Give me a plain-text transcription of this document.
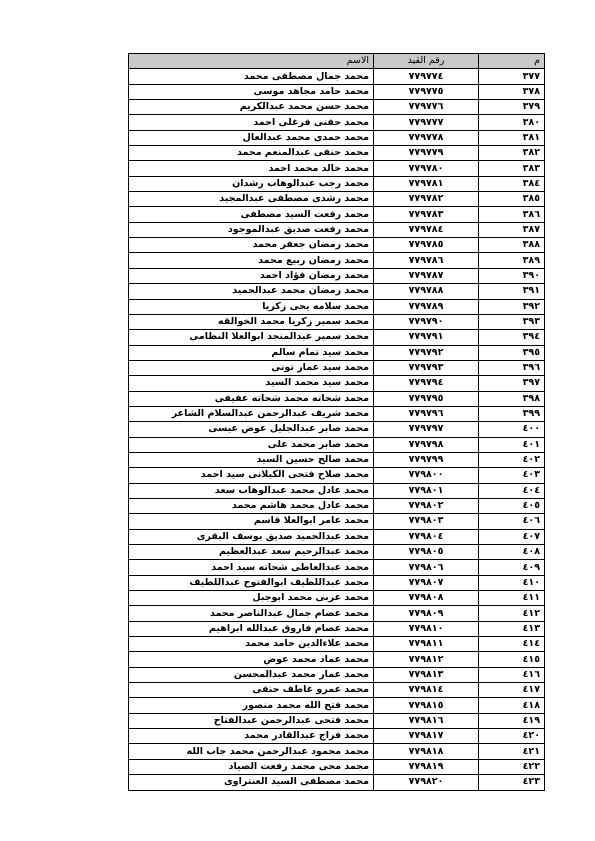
م	رقم القيد	الاسم
٣٧٧	٧٧٩٧٧٤	محمد جمال مصطفى محمد
٣٧٨	٧٧٩٧٧٥	محمد حامد مجاهد موسى
٣٧٩	٧٧٩٧٧٦	محمد حسن محمد عبدالكريم
٣٨٠	٧٧٩٧٧٧	محمد حفنى فرغلى احمد
٣٨١	٧٧٩٧٧٨	محمد حمدى محمد عبدالعال
٣٨٢	٧٧٩٧٧٩	محمد حنفى عبدالمنعم محمد
٣٨٣	٧٧٩٧٨٠	محمد خالد محمد احمد
٣٨٤	٧٧٩٧٨١	محمد رجب عبدالوهاب رشدان
٣٨٥	٧٧٩٧٨٢	محمد رشدى مصطفى عبدالمجيد
٣٨٦	٧٧٩٧٨٣	محمد رفعت السيد مصطفى
٣٨٧	٧٧٩٧٨٤	محمد رفعت صديق عبدالموجود
٣٨٨	٧٧٩٧٨٥	محمد رمضان جعفر محمد
٣٨٩	٧٧٩٧٨٦	محمد رمضان ربيع محمد
٣٩٠	٧٧٩٧٨٧	محمد رمضان فؤاد احمد
٣٩١	٧٧٩٧٨٨	محمد رمضان محمد عبدالحميد
٣٩٢	٧٧٩٧٨٩	محمد سلامه يحى زكريا
٣٩٣	٧٧٩٧٩٠	محمد سمير زكريا محمد الخوالقه
٣٩٤	٧٧٩٧٩١	محمد سمير عبدالمنجد ابوالعلا النظامى
٣٩٥	٧٧٩٧٩٢	محمد سيد تمام سالم
٣٩٦	٧٧٩٧٩٣	محمد سيد عمار تونى
٣٩٧	٧٧٩٧٩٤	محمد سيد محمد السيد
٣٩٨	٧٧٩٧٩٥	محمد شحاته محمد شحاته عفيفى
٣٩٩	٧٧٩٧٩٦	محمد شريف عبدالرحمن عبدالسلام الشاعر
٤٠٠	٧٧٩٧٩٧	محمد صابر عبدالجليل عوض عيسى
٤٠١	٧٧٩٧٩٨	محمد صابر محمد على
٤٠٢	٧٧٩٧٩٩	محمد صالح حسين السيد
٤٠٣	٧٧٩٨٠٠	محمد صلاح فتحى الكيلانى سيد احمد
٤٠٤	٧٧٩٨٠١	محمد عادل محمد عبدالوهاب سعد
٤٠٥	٧٧٩٨٠٢	محمد عادل محمد هاشم محمد
٤٠٦	٧٧٩٨٠٣	محمد عامر ابوالعلا قاسم
٤٠٧	٧٧٩٨٠٤	محمد عبدالحميد صديق يوسف البقرى
٤٠٨	٧٧٩٨٠٥	محمد عبدالرحيم سعد عبدالعظيم
٤٠٩	٧٧٩٨٠٦	محمد عبدالعاطى شحاته سيد احمد
٤١٠	٧٧٩٨٠٧	محمد عبداللطيف ابوالفتوح عبداللطيف
٤١١	٧٧٩٨٠٨	محمد عربى محمد ابوجبل
٤١٢	٧٧٩٨٠٩	محمد عصام جمال عبدالناصر محمد
٤١٣	٧٧٩٨١٠	محمد عصام فاروق عبدالله ابراهيم
٤١٤	٧٧٩٨١١	محمد علاءالدين حامد محمد
٤١٥	٧٧٩٨١٢	محمد عماد محمد عوض
٤١٦	٧٧٩٨١٣	محمد عمار محمد عبدالمحسن
٤١٧	٧٧٩٨١٤	محمد عمرو عاطف حنفى
٤١٨	٧٧٩٨١٥	محمد فتح الله محمد منصور
٤١٩	٧٧٩٨١٦	محمد فتحى عبدالرحمن عبدالفتاح
٤٢٠	٧٧٩٨١٧	محمد فراج عبدالقادر محمد
٤٢١	٧٧٩٨١٨	محمد محمود عبدالرحمن محمد جاب الله
٤٢٢	٧٧٩٨١٩	محمد محى محمد رفعت الصياد
٤٢٣	٧٧٩٨٢٠	محمد مصطفى السيد العنتراوى
